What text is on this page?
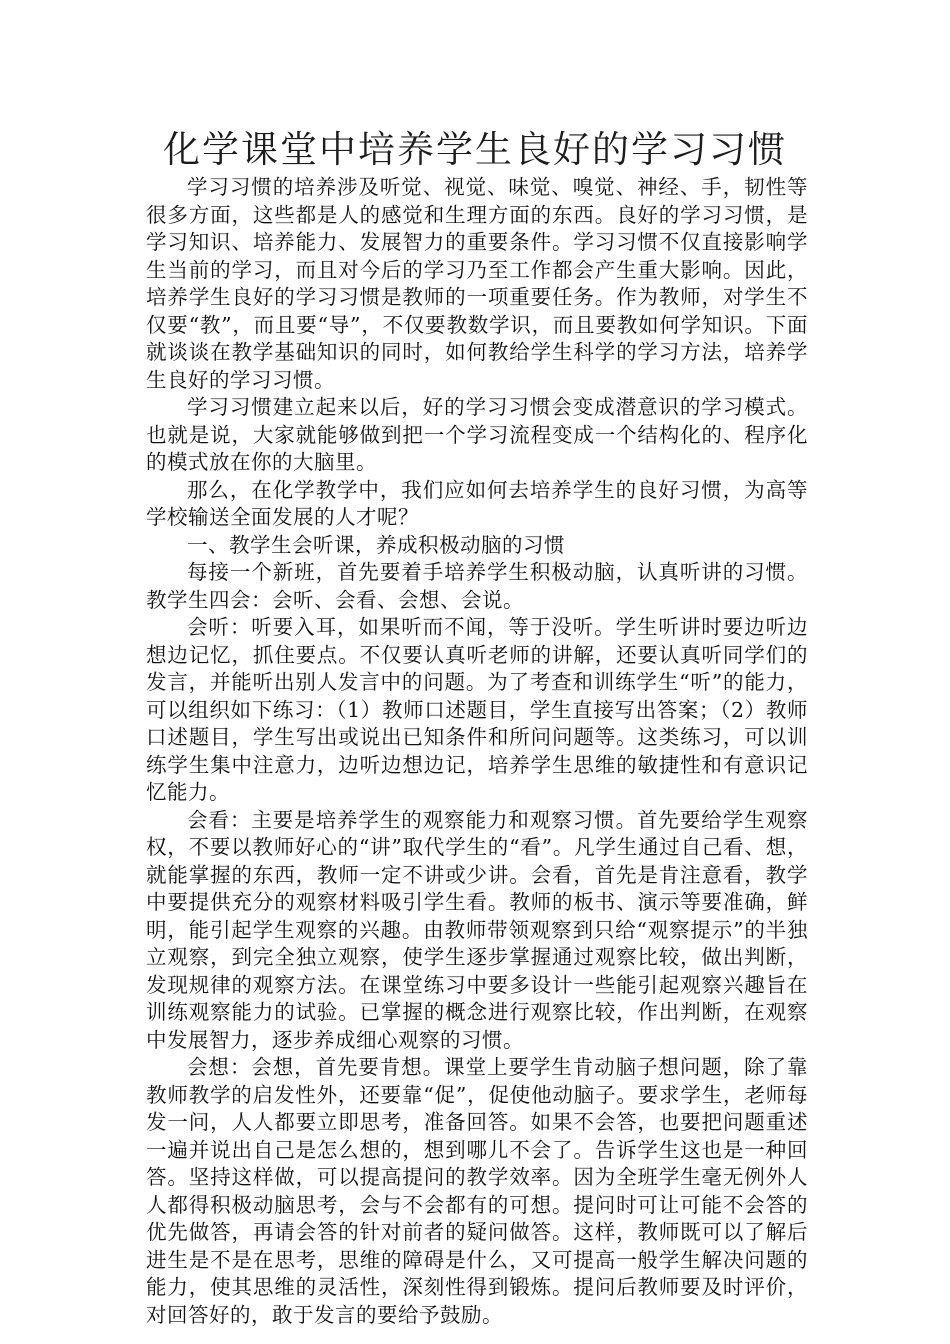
化学课堂中培养学生良好的学习习惯

学习习惯的培养涉及听觉、视觉、味觉、嗅觉、神经、手，韧性等很多方面，这些都是人的感觉和生理方面的东西。良好的学习习惯，是学习知识、培养能力、发展智力的重要条件。学习习惯不仅直接影响学生当前的学习，而且对今后的学习乃至工作都会产生重大影响。因此，培养学生良好的学习习惯是教师的一项重要任务。作为教师，对学生不仅要“教”，而且要“导”，不仅要教数学识，而且要教如何学知识。下面就谈谈在教学基础知识的同时，如何教给学生科学的学习方法，培养学生良好的学习习惯。

学习习惯建立起来以后，好的学习习惯会变成潜意识的学习模式。也就是说，大家就能够做到把一个学习流程变成一个结构化的、程序化的模式放在你的大脑里。

那么，在化学教学中，我们应如何去培养学生的良好习惯，为高等学校输送全面发展的人才呢？

一、教学生会听课，养成积极动脑的习惯

每接一个新班，首先要着手培养学生积极动脑，认真听讲的习惯。教学生四会：会听、会看、会想、会说。

会听：听要入耳，如果听而不闻，等于没听。学生听讲时要边听边想边记忆，抓住要点。不仅要认真听老师的讲解，还要认真听同学们的发言，并能听出别人发言中的问题。为了考查和训练学生“听”的能力，可以组织如下练习：（1）教师口述题目，学生直接写出答案；（2）教师口述题目，学生写出或说出已知条件和所问问题等。这类练习，可以训练学生集中注意力，边听边想边记，培养学生思维的敏捷性和有意识记忆能力。

会看：主要是培养学生的观察能力和观察习惯。首先要给学生观察权，不要以教师好心的“讲”取代学生的“看”。凡学生通过自己看、想，就能掌握的东西，教师一定不讲或少讲。会看，首先是肯注意看，教学中要提供充分的观察材料吸引学生看。教师的板书、演示等要准确，鲜明，能引起学生观察的兴趣。由教师带领观察到只给“观察提示”的半独立观察，到完全独立观察，使学生逐步掌握通过观察比较，做出判断，发现规律的观察方法。在课堂练习中要多设计一些能引起观察兴趣旨在训练观察能力的试验。已掌握的概念进行观察比较，作出判断，在观察中发展智力，逐步养成细心观察的习惯。

会想：会想，首先要肯想。课堂上要学生肯动脑子想问题，除了靠教师教学的启发性外，还要靠“促”，促使他动脑子。要求学生，老师每发一问，人人都要立即思考，准备回答。如果不会答，也要把问题重述一遍并说出自己是怎么想的，想到哪儿不会了。告诉学生这也是一种回答。坚持这样做，可以提高提问的教学效率。因为全班学生毫无例外人人都得积极动脑思考，会与不会都有的可想。提问时可让可能不会答的优先做答，再请会答的针对前者的疑问做答。这样，教师既可以了解后进生是不是在思考，思维的障碍是什么，又可提高一般学生解决问题的能力，使其思维的灵活性，深刻性得到锻炼。提问后教师要及时评价，对回答好的，敢于发言的要给予鼓励。
